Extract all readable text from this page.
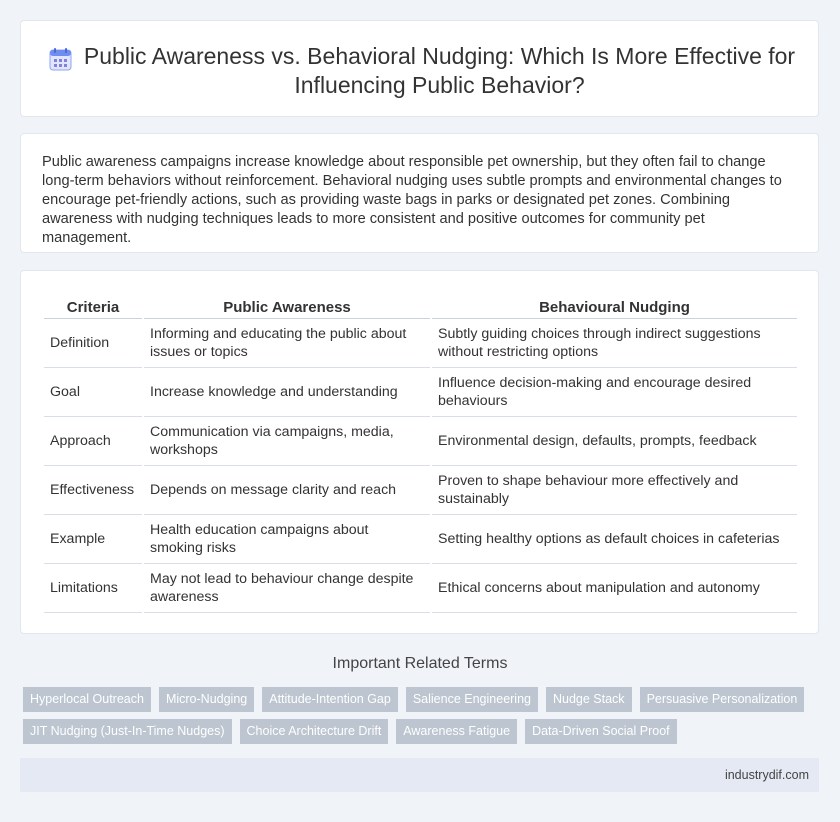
Public Awareness vs. Behavioral Nudging: Which Is More Effective for Influencing Public Behavior?

Public awareness campaigns increase knowledge about responsible pet ownership, but they often fail to change long-term behaviors without reinforcement. Behavioral nudging uses subtle prompts and environmental changes to encourage pet-friendly actions, such as providing waste bags in parks or designated pet zones. Combining awareness with nudging techniques leads to more consistent and positive outcomes for community pet management.

Criteria	Public Awareness	Behavioural Nudging
Definition	Informing and educating the public about issues or topics	Subtly guiding choices through indirect suggestions without restricting options
Goal	Increase knowledge and understanding	Influence decision-making and encourage desired behaviours
Approach	Communication via campaigns, media, workshops	Environmental design, defaults, prompts, feedback
Effectiveness	Depends on message clarity and reach	Proven to shape behaviour more effectively and sustainably
Example	Health education campaigns about smoking risks	Setting healthy options as default choices in cafeterias
Limitations	May not lead to behaviour change despite awareness	Ethical concerns about manipulation and autonomy
Important Related Terms
Hyperlocal Outreach	Micro-Nudging	Attitude-Intention Gap	Salience Engineering	Nudge Stack	Persuasive Personalization
JIT Nudging (Just-In-Time Nudges)	Choice Architecture Drift	Awareness Fatigue	Data-Driven Social Proof
industrydif.com
